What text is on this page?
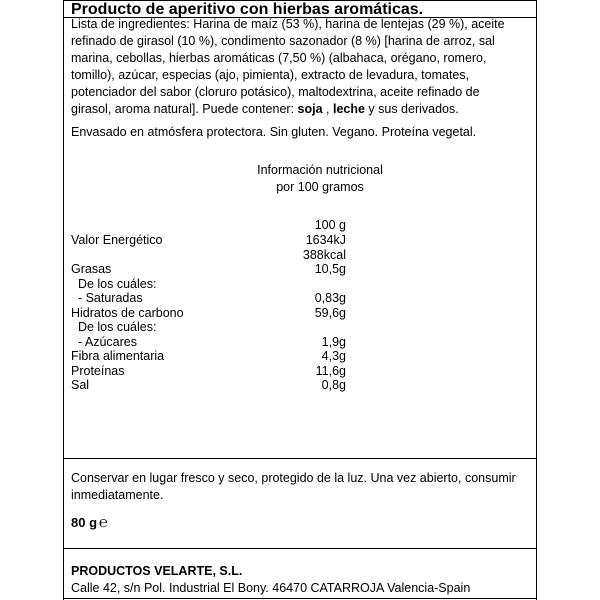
Producto de aperitivo con hierbas aromáticas.

Lista de ingredientes: Harina de maíz (53 %), harina de lentejas (29 %), aceite

refinado de girasol (10 %), condimento sazonador (8 %) [harina de arroz, sal

marina, cebollas, hierbas aromáticas (7,50 %) (albahaca, orégano, romero,

tomillo), azúcar, especias (ajo, pimienta), extracto de levadura, tomates,

potenciador del sabor (cloruro potásico), maltodextrina, aceite refinado de

girasol, aroma natural]. Puede contener: soja , leche y sus derivados.

Envasado en atmósfera protectora. Sin gluten. Vegano. Proteína vegetal.
Información nutricional
por 100 gramos
100 g
Valor Energético	1634kJ
388kcal
Grasas	10,5g
De los cuáles:
- Saturadas	0,83g
Hidratos de carbono	59,6g
De los cuáles:
- Azúcares	1,9g
Fibra alimentaria	4,3g
Proteínas	11,6g
Sal	0,8g

Conservar en lugar fresco y seco, protegido de la luz. Una vez abierto, consumir

inmediatamente.

80 g ℮
PRODUCTOS VELARTE, S.L.
Calle 42, s/n Pol. Industrial El Bony. 46470 CATARROJA Valencia-Spain
